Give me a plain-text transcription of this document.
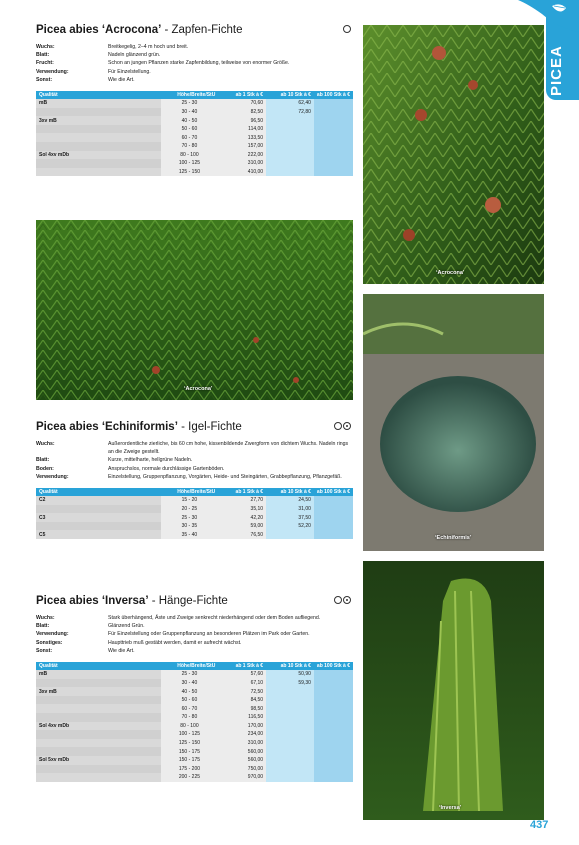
PICEA
Picea abies ‘Acrocona’ - Zapfen-Fichte
Wuchs:	Breitkegelig, 2–4 m hoch und breit.
Blatt:	Nadeln glänzend grün.
Frucht:	Schon an jungen Pflanzen starke Zapfenbildung, teilweise von enormer Größe.
Verwendung:	Für Einzelstellung.
Sonst:	Wie die Art.
Qualität	Höhe/Breite/StU	ab 1 Stk à €	ab 10 Stk à €	ab 100 Stk à €
mB	25 - 30	70,60	62,40	
	30 - 40	82,50	72,80	
3xv mB	40 - 50	96,50		
	50 - 60	114,00		
	60 - 70	133,50		
	70 - 80	157,00		
Sol 4xv mDb	80 - 100	222,00		
	100 - 125	310,00		
	125 - 150	410,00		
‘Acrocona’
Picea abies ‘Echiniformis’ - Igel-Fichte
Wuchs:	Außerordentliche zierliche, bis 60 cm hohe, kissenbildende Zwergform von dichtem Wuchs. Nadeln rings an die Zweige gestellt.
Blatt:	Kurze, mittelharte, hellgrüne Nadeln.
Boden:	Anspruchslos, normale durchlässige Gartenböden.
Verwendung:	Einzelstellung, Gruppenpflanzung, Vorgärten, Heide- und Steingärten, Grabbepflanzung, Pflanzgefäß.
Qualität	Höhe/Breite/StU	ab 1 Stk à €	ab 10 Stk à €	ab 100 Stk à €
C2	15 - 20	27,70	24,50	
	20 - 25	35,10	31,00	
C3	25 - 30	42,20	37,50	
	30 - 35	59,00	52,20	
C5	35 - 40	76,50		
Picea abies ‘Inversa’ - Hänge-Fichte
Wuchs:	Stark überhängend, Äste und Zweige senkrecht niederhängend oder dem Boden aufliegend.
Blatt:	Glänzend Grün.
Verwendung:	Für Einzelstellung oder Gruppenpflanzung an besonderen Plätzen im Park oder Garten.
Sonstiges:	Haupttrieb muß gestäbt werden, damit er aufrecht wächst.
Sonst:	Wie die Art.
Qualität	Höhe/Breite/StU	ab 1 Stk à €	ab 10 Stk à €	ab 100 Stk à €
mB	25 - 30	57,60	50,90	
	30 - 40	67,10	59,30	
3xv mB	40 - 50	72,50		
	50 - 60	84,50		
	60 - 70	98,50		
	70 - 80	116,50		
Sol 4xv mDb	80 - 100	170,00		
	100 - 125	234,00		
	125 - 150	310,00		
	150 - 175	560,00		
Sol 5xv mDb	150 - 175	560,00		
	175 - 200	750,00		
	200 - 225	970,00		
‘Acrocona’
‘Echiniformis’
‘Inversa’
437
